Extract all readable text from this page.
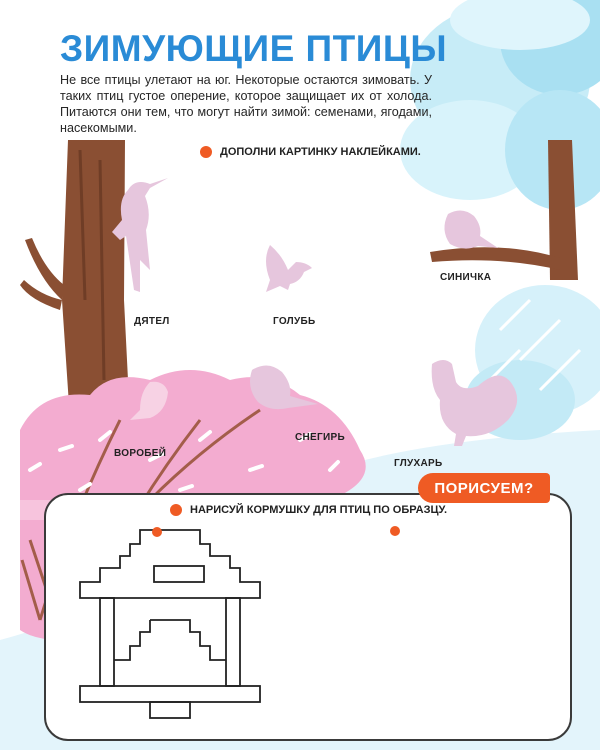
ЗИМУЮЩИЕ ПТИЦЫ

Не все птицы улетают на юг. Некоторые остаются зимовать. У таких птиц густое оперение, которое защищает их от холода. Питаются они тем, что могут найти зимой: семенами, ягодами, насекомыми.

ДОПОЛНИ КАРТИНКУ НАКЛЕЙКАМИ.
ДЯТЕЛ	ГОЛУБЬ
СИНИЧКА
ВОРОБЕЙ
СНЕГИРЬ
ГЛУХАРЬ
ПОРИСУЕМ?
НАРИСУЙ КОРМУШКУ ДЛЯ ПТИЦ ПО ОБРАЗЦУ.
